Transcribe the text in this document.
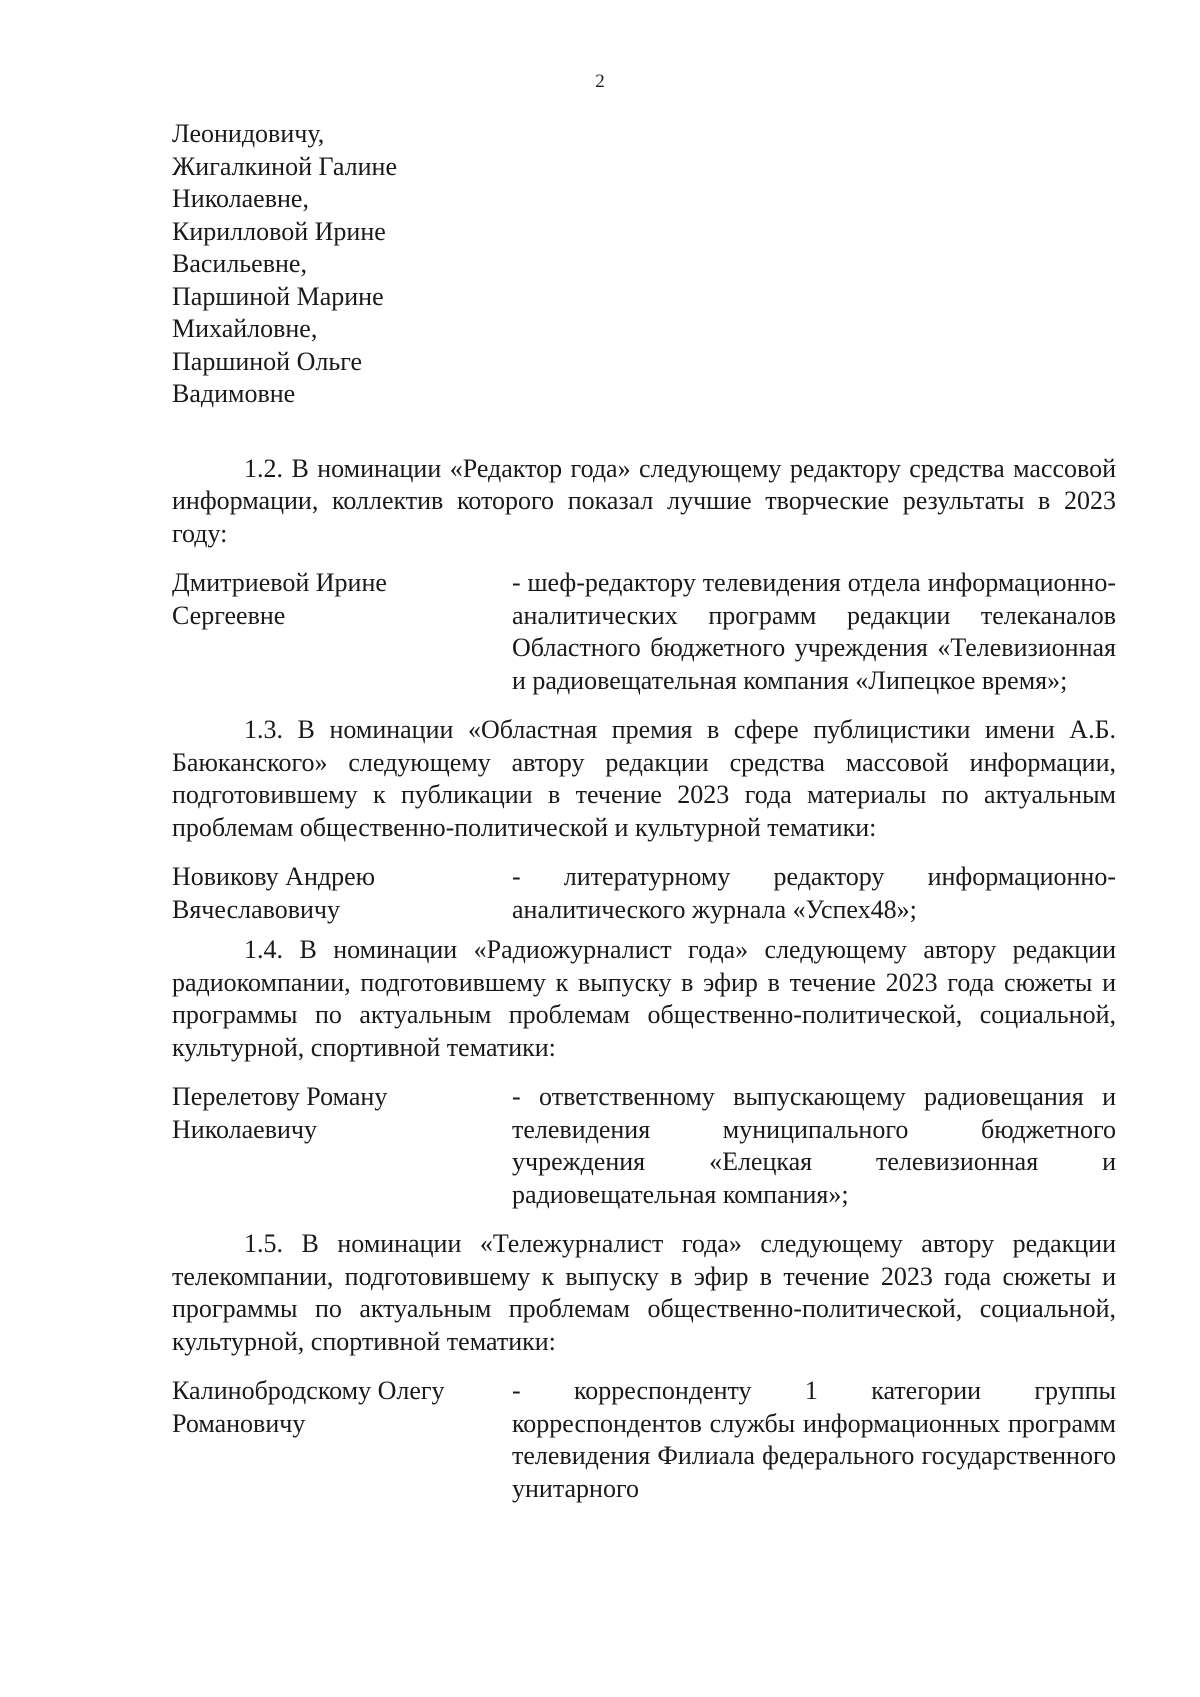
2
Леонидовичу,
Жигалкиной Галине
Николаевне,
Кирилловой Ирине
Васильевне,
Паршиной Марине
Михайловне,
Паршиной Ольге
Вадимовне

1.2. В номинации «Редактор года» следующему редактору средства массовой информации, коллектив которого показал лучшие творческие результаты в 2023 году:

Дмитриевой Ирине
Сергеевне

- шеф-редактору телевидения отдела информационно-аналитических программ редакции телеканалов Областного бюджетного учреждения «Телевизионная и радиовещательная компания «Липецкое время»;

1.3. В номинации «Областная премия в сфере публицистики имени А.Б. Баюканского» следующему автору редакции средства массовой информации, подготовившему к публикации в течение 2023 года материалы по актуальным проблемам общественно-политической и культурной тематики:

Новикову Андрею
Вячеславовичу

- литературному редактору информационно-аналитического журнала «Успех48»;

1.4. В номинации «Радиожурналист года» следующему автору редакции радиокомпании, подготовившему к выпуску в эфир в течение 2023 года сюжеты и программы по актуальным проблемам общественно-политической, социальной, культурной, спортивной тематики:

Перелетову Роману
Николаевичу

- ответственному выпускающему радиовещания и телевидения муниципального бюджетного учреждения «Елецкая телевизионная и радиовещательная компания»;

1.5. В номинации «Тележурналист года» следующему автору редакции телекомпании, подготовившему к выпуску в эфир в течение 2023 года сюжеты и программы по актуальным проблемам общественно-политической, социальной, культурной, спортивной тематики:

Калинобродскому Олегу
Романовичу

- корреспонденту 1 категории группы корреспондентов службы информационных программ телевидения Филиала федерального государственного унитарного
